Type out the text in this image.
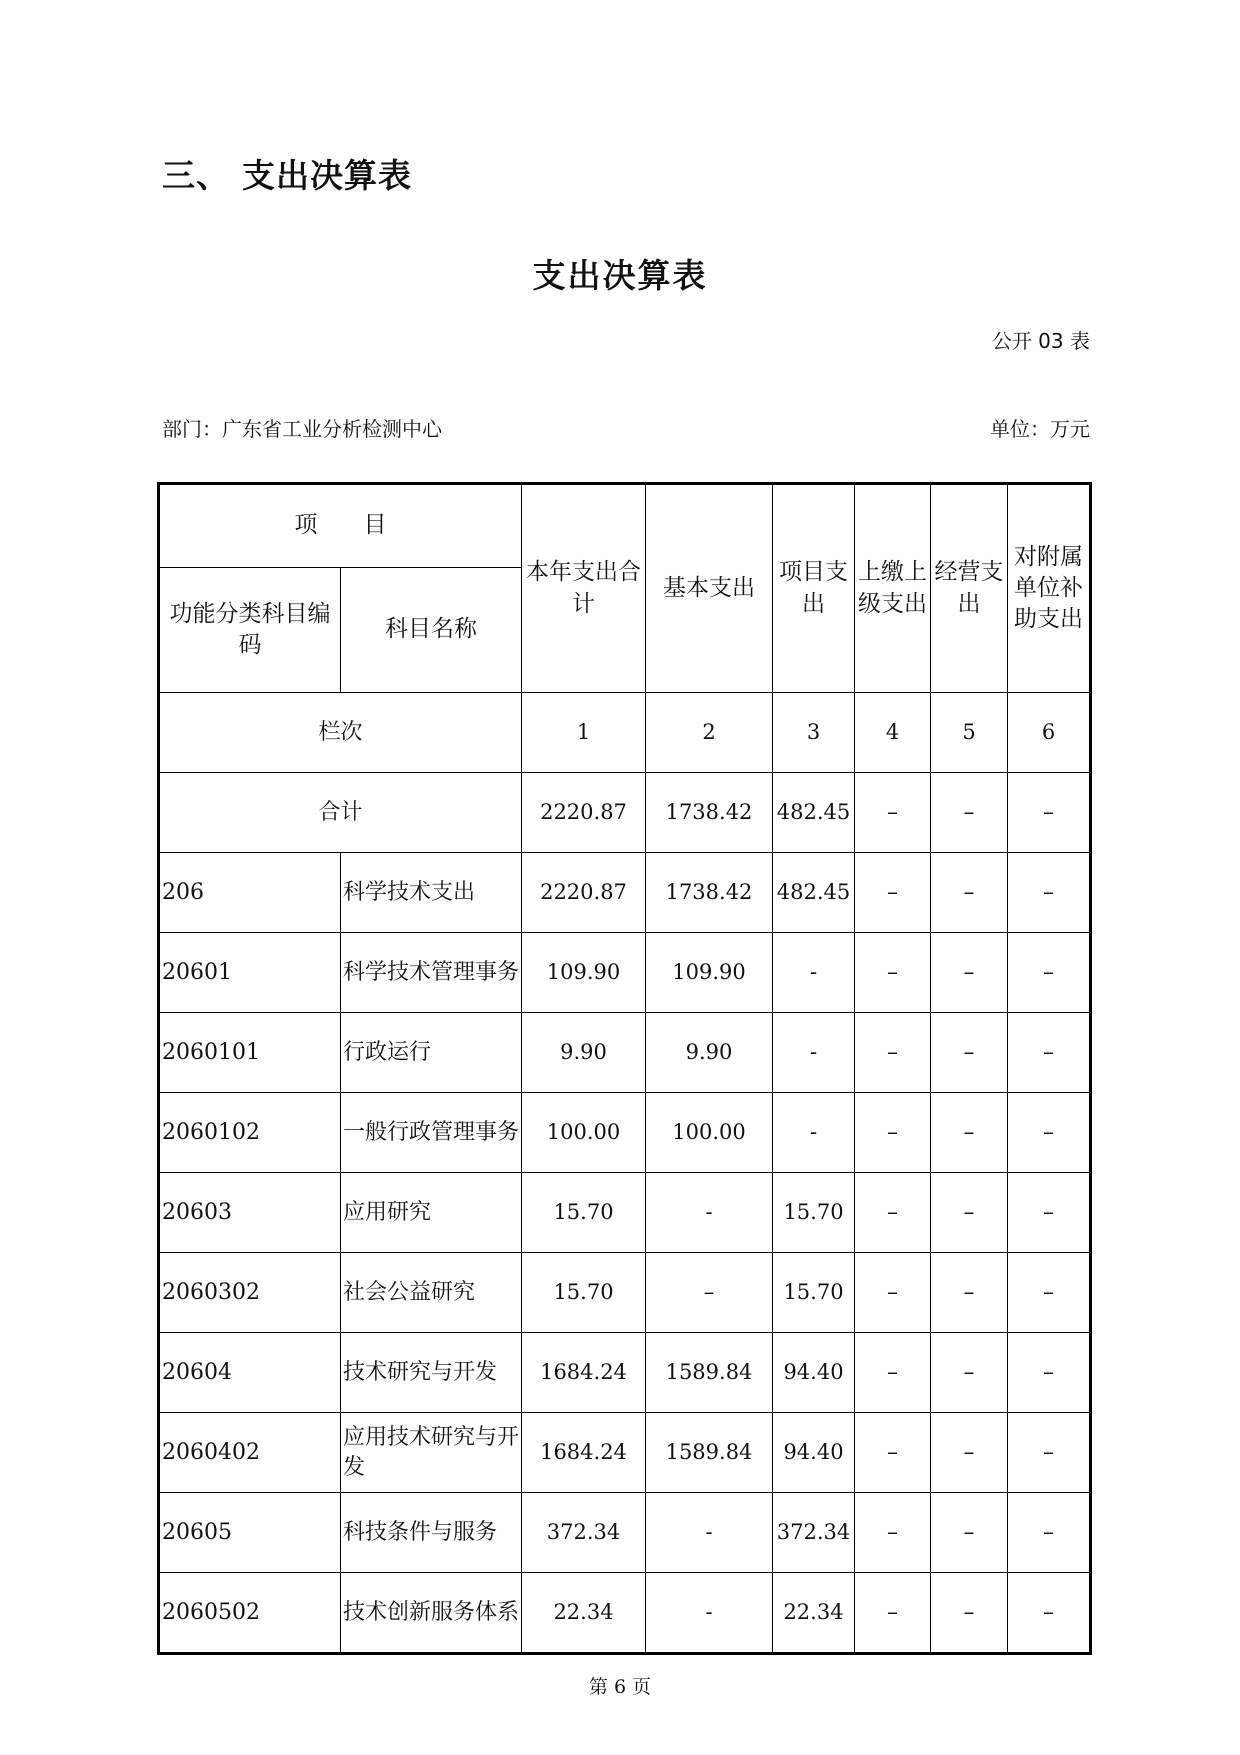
三、 支出决算表
支出决算表
公开 03 表
部门：广东省工业分析检测中心	单位：万元
项　　目		本年支出合计	基本支出	项目支出	上缴上级支出	经营支出	对附属单位补助支出
功能分类科目编码	科目名称						
栏次		1	2	3	4	5	6
合计		2220.87	1738.42	482.45	–	–	–
206	科学技术支出	2220.87	1738.42	482.45	–	–	–
20601	科学技术管理事务	109.90	109.90	-	–	–	–
2060101	行政运行	9.90	9.90	-	–	–	–
2060102	一般行政管理事务	100.00	100.00	-	–	–	–
20603	应用研究	15.70	-	15.70	–	–	–
2060302	社会公益研究	15.70	–	15.70	–	–	–
20604	技术研究与开发	1684.24	1589.84	94.40	–	–	–
2060402	应用技术研究与开发	1684.24	1589.84	94.40	–	–	–
20605	科技条件与服务	372.34	-	372.34	–	–	–
2060502	技术创新服务体系	22.34	-	22.34	–	–	–
第 6 页
